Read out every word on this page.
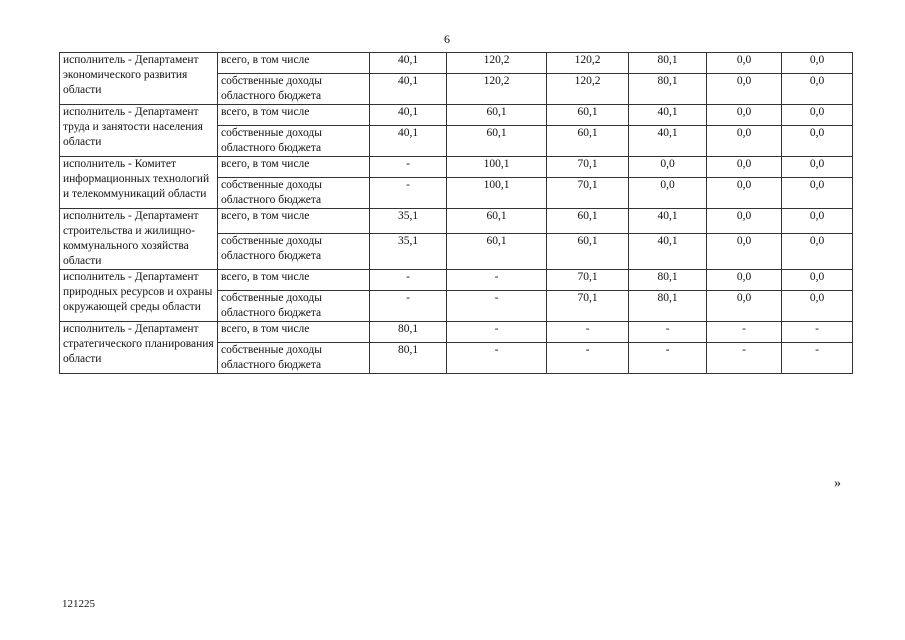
6
исполнитель - Департамент экономического развития области	всего, в том числе	40,1	120,2	120,2	80,1	0,0	0,0
	собственные доходы областного бюджета	40,1	120,2	120,2	80,1	0,0	0,0
исполнитель - Департамент труда и занятости населения области	всего, в том числе	40,1	60,1	60,1	40,1	0,0	0,0
	собственные доходы областного бюджета	40,1	60,1	60,1	40,1	0,0	0,0
исполнитель - Комитет информационных технологий и телекоммуникаций области	всего, в том числе	-	100,1	70,1	0,0	0,0	0,0
	собственные доходы областного бюджета	-	100,1	70,1	0,0	0,0	0,0
исполнитель - Департамент строительства и жилищно-коммунального хозяйства области	всего, в том числе	35,1	60,1	60,1	40,1	0,0	0,0
	собственные доходы областного бюджета	35,1	60,1	60,1	40,1	0,0	0,0
исполнитель - Департамент природных ресурсов и охраны окружающей среды области	всего, в том числе	-	-	70,1	80,1	0,0	0,0
	собственные доходы областного бюджета	-	-	70,1	80,1	0,0	0,0
исполнитель - Департамент стратегического планирования области	всего, в том числе	80,1	-	-	-	-	-
	собственные доходы областного бюджета	80,1	-	-	-	-	-
»
121225
